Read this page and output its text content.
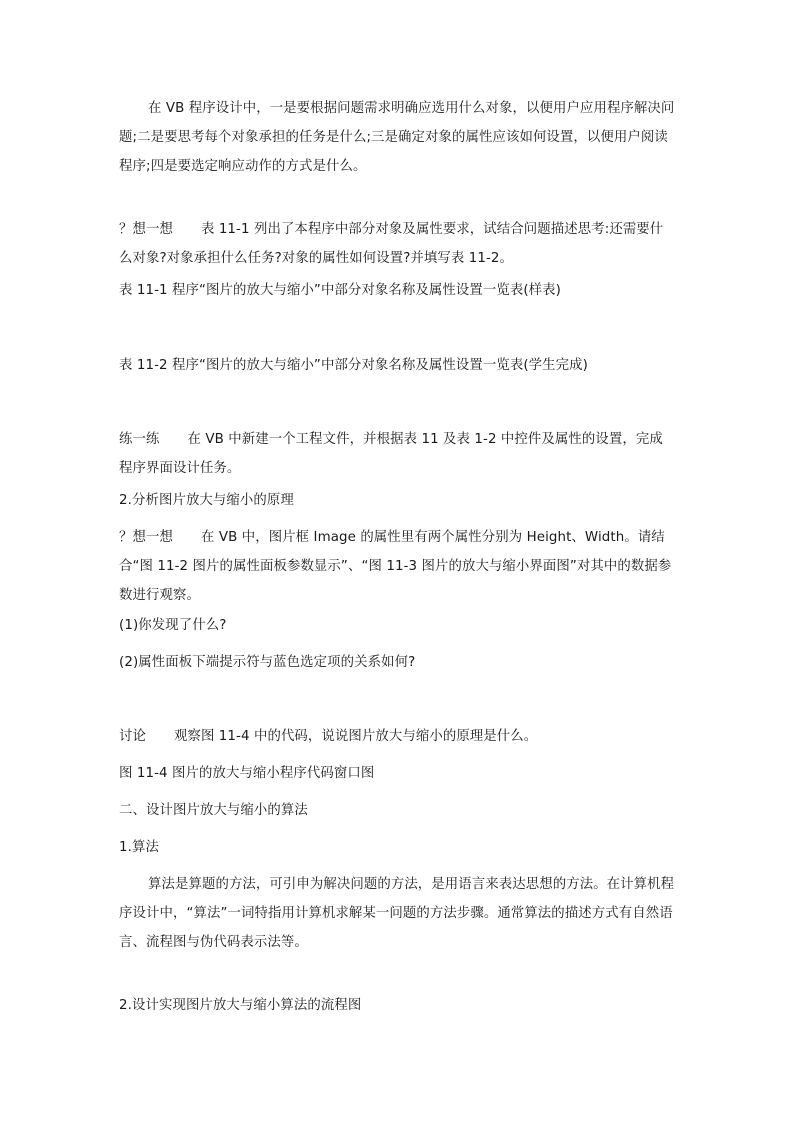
在 VB 程序设计中，一是要根据问题需求明确应选用什么对象，以便用户应用程序解决问题;二是要思考每个对象承担的任务是什么;三是确定对象的属性应该如何设置，以便用户阅读程序;四是要选定响应动作的方式是什么。

？想一想 表 11-1 列出了本程序中部分对象及属性要求，试结合问题描述思考:还需要什么对象?对象承担什么任务?对象的属性如何设置?并填写表 11-2。

表 11-1 程序“图片的放大与缩小”中部分对象名称及属性设置一览表(样表)

表 11-2 程序“图片的放大与缩小”中部分对象名称及属性设置一览表(学生完成)

练一练 在 VB 中新建一个工程文件，并根据表 11 及表 1-2 中控件及属性的设置，完成程序界面设计任务。

2.分析图片放大与缩小的原理

？想一想 在 VB 中，图片框 Image 的属性里有两个属性分别为 Height、Width。请结合“图 11-2 图片的属性面板参数显示”、“图 11-3 图片的放大与缩小界面图”对其中的数据参数进行观察。

(1)你发现了什么?

(2)属性面板下端提示符与蓝色选定项的关系如何?

讨论 观察图 11-4 中的代码，说说图片放大与缩小的原理是什么。

图 11-4 图片的放大与缩小程序代码窗口图

二、设计图片放大与缩小的算法

1.算法

算法是算题的方法，可引申为解决问题的方法，是用语言来表达思想的方法。在计算机程序设计中，“算法”一词特指用计算机求解某一问题的方法步骤。通常算法的描述方式有自然语言、流程图与伪代码表示法等。

2.设计实现图片放大与缩小算法的流程图
